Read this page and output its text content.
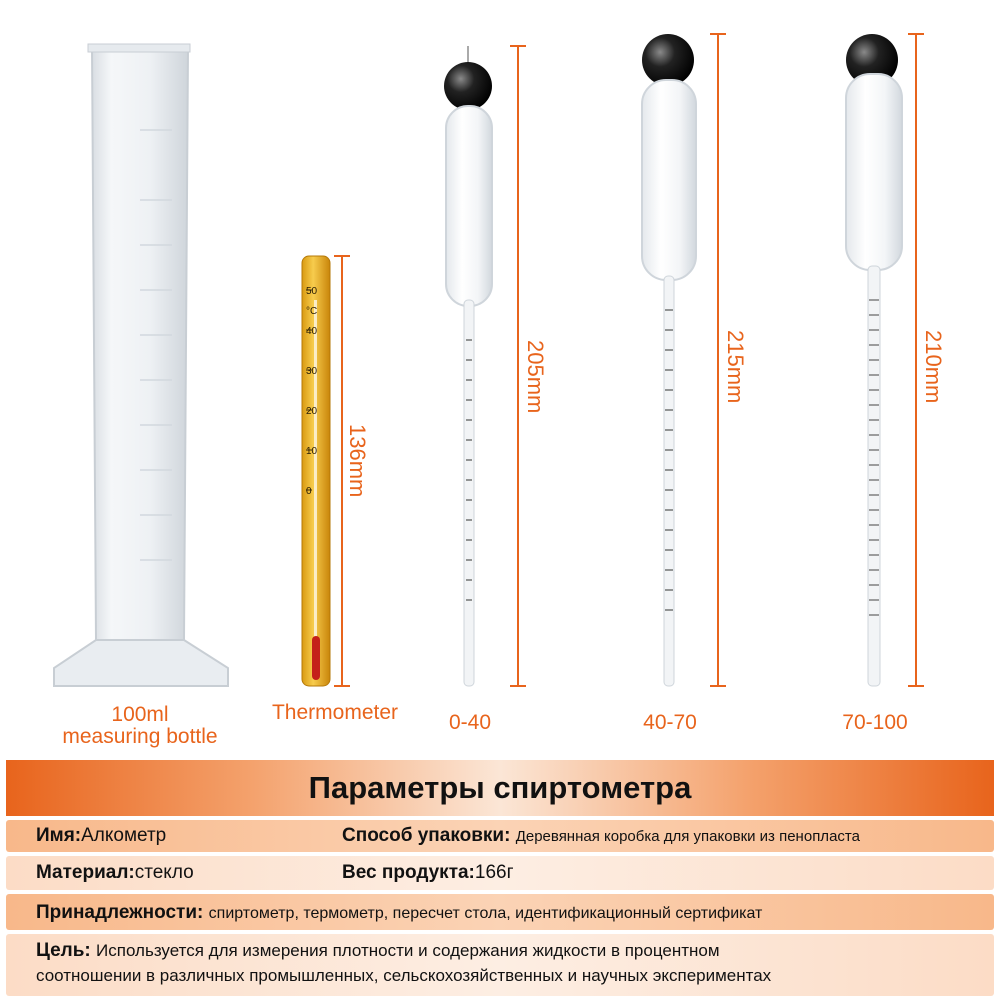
50
°C
40
30
20
10
0 136mm
205mm	215mm	210mm
100ml
measuring bottle
Thermometer	0-40	40-70	70-100
Параметры спиртометра
Имя:Алкометр	Способ упаковки: Деревянная коробка для упаковки из пенопласта
Материал:стекло	Вес продукта:166г
Принадлежности: спиртометр, термометр, пересчет стола, идентификационный сертификат
Цель: Используется для измерения плотности и содержания жидкости в процентном
соотношении в различных промышленных, сельскохозяйственных и научных экспериментах
